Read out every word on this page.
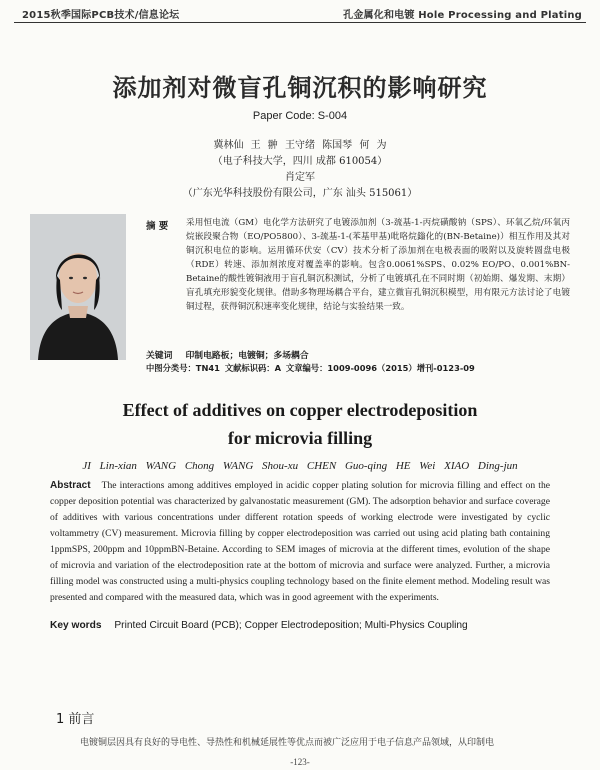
2015秋季国际PCB技术/信息论坛	孔金属化和电镀 Hole Processing and Plating
添加剂对微盲孔铜沉积的影响研究
Paper Code: S-004
冀林仙 王 翀 王守绪 陈国琴 何 为
（电子科技大学，四川 成都 610054）
肖定军
（广东光华科技股份有限公司，广东 汕头 515061）
摘 要 采用恒电流（GM）电化学方法研究了电镀添加剂（3-巯基-1-丙烷磺酸钠（SPS）、环氧乙烷/环氧丙烷嵌段聚合物（EO/PO5800）、3-巯基-1-(苯基甲基)吡咯烷鎓化的(BN-Betaine)）相互作用及其对铜沉积电位的影响。运用循环伏安（CV）技术分析了添加剂在电极表面的吸附以及旋转圆盘电极（RDE）转速、添加剂浓度对覆盖率的影响。包含0.0061%SPS、0.02% EO/PO、0.001%BN-Betaine的酸性镀铜液用于盲孔铜沉积测试，分析了电镀填孔在不同时期（初始期、爆发期、末期）盲孔填充形貌变化规律。借助多物理场耦合平台，建立微盲孔铜沉积模型，用有限元方法讨论了电镀铜过程，获得铜沉积速率变化规律，结论与实验结果一致。
关键词 印制电路板；电镀铜；多场耦合
中图分类号：TN41 文献标识码：A 文章编号：1009-0096（2015）增刊-0123-09
Effect of additives on copper electrodeposition
for microvia filling
JI Lin-xian WANG Chong WANG Shou-xu CHEN Guo-qing HE Wei XIAO Ding-jun
Abstract The interactions among additives employed in acidic copper plating solution for microvia filling and effect on the copper deposition potential was characterized by galvanostatic measurement (GM). The adsorption behavior and surface coverage of additives with various concentrations under different rotation speeds of working electrode were investigated by cyclic voltammetry (CV) measurement. Microvia filling by copper electrodeposition was carried out using acid plating bath containing 1ppmSPS, 200ppm and 10ppmBN-Betaine. According to SEM images of microvia at the different times, evolution of the shape of microvia and variation of the electrodeposition rate at the bottom of microvia and surface were analyzed. Further, a microvia filling model was constructed using a multi-physics coupling technology based on the finite element method. Modeling result was presented and compared with the measured data, which was in good agreement with the experiments.
Key words Printed Circuit Board (PCB); Copper Electrodeposition; Multi-Physics Coupling
1 前言
电镀铜层因具有良好的导电性、导热性和机械延展性等优点而被广泛应用于电子信息产品领域，从印制电
-123-
